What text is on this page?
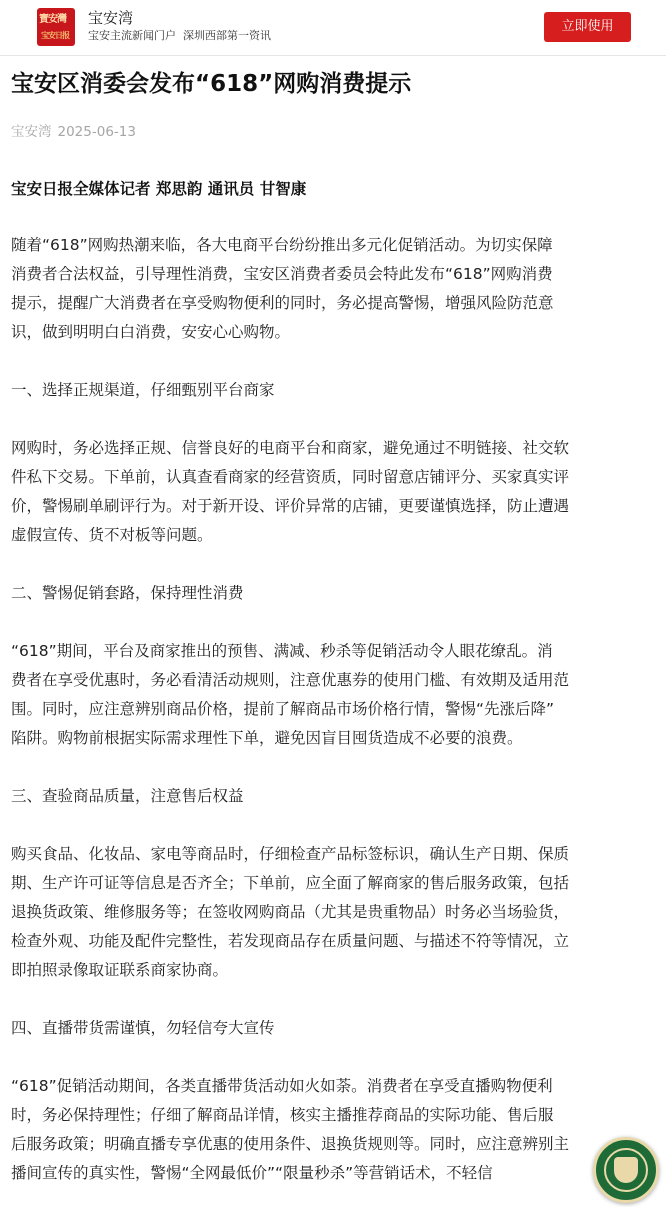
寶安灣
宝安日报
宝安湾
宝安主流新闻门户  深圳西部第一资讯
立即使用
宝安区消委会发布“618”网购消费提示
宝安湾 2025-06-13
宝安日报全媒体记者 郑思韵 通讯员 甘智康

随着“618”网购热潮来临，各大电商平台纷纷推出多元化促销活动。为切实保障
消费者合法权益，引导理性消费，宝安区消费者委员会特此发布“618”网购消费
提示，提醒广大消费者在享受购物便利的同时，务必提高警惕，增强风险防范意
识，做到明明白白消费，安安心心购物。

一、选择正规渠道，仔细甄别平台商家

网购时，务必选择正规、信誉良好的电商平台和商家，避免通过不明链接、社交软
件私下交易。下单前，认真查看商家的经营资质，同时留意店铺评分、买家真实评
价，警惕刷单刷评行为。对于新开设、评价异常的店铺，更要谨慎选择，防止遭遇
虚假宣传、货不对板等问题。

二、警惕促销套路，保持理性消费

“618”期间，平台及商家推出的预售、满减、秒杀等促销活动令人眼花缭乱。消
费者在享受优惠时，务必看清活动规则，注意优惠券的使用门槛、有效期及适用范
围。同时，应注意辨别商品价格，提前了解商品市场价格行情，警惕“先涨后降”
陷阱。购物前根据实际需求理性下单，避免因盲目囤货造成不必要的浪费。

三、查验商品质量，注意售后权益

购买食品、化妆品、家电等商品时，仔细检查产品标签标识，确认生产日期、保质
期、生产许可证等信息是否齐全；下单前，应全面了解商家的售后服务政策，包括
退换货政策、维修服务等；在签收网购商品（尤其是贵重物品）时务必当场验货，
检查外观、功能及配件完整性，若发现商品存在质量问题、与描述不符等情况，立
即拍照录像取证联系商家协商。

四、直播带货需谨慎，勿轻信夸大宣传

“618”促销活动期间，各类直播带货活动如火如荼。消费者在享受直播购物便利
时，务必保持理性；仔细了解商品详情，核实主播推荐商品的实际功能、售后服
后服务政策；明确直播专享优惠的使用条件、退换货规则等。同时，应注意辨别主
播间宣传的真实性，警惕“全网最低价”“限量秒杀”等营销话术，不轻信
